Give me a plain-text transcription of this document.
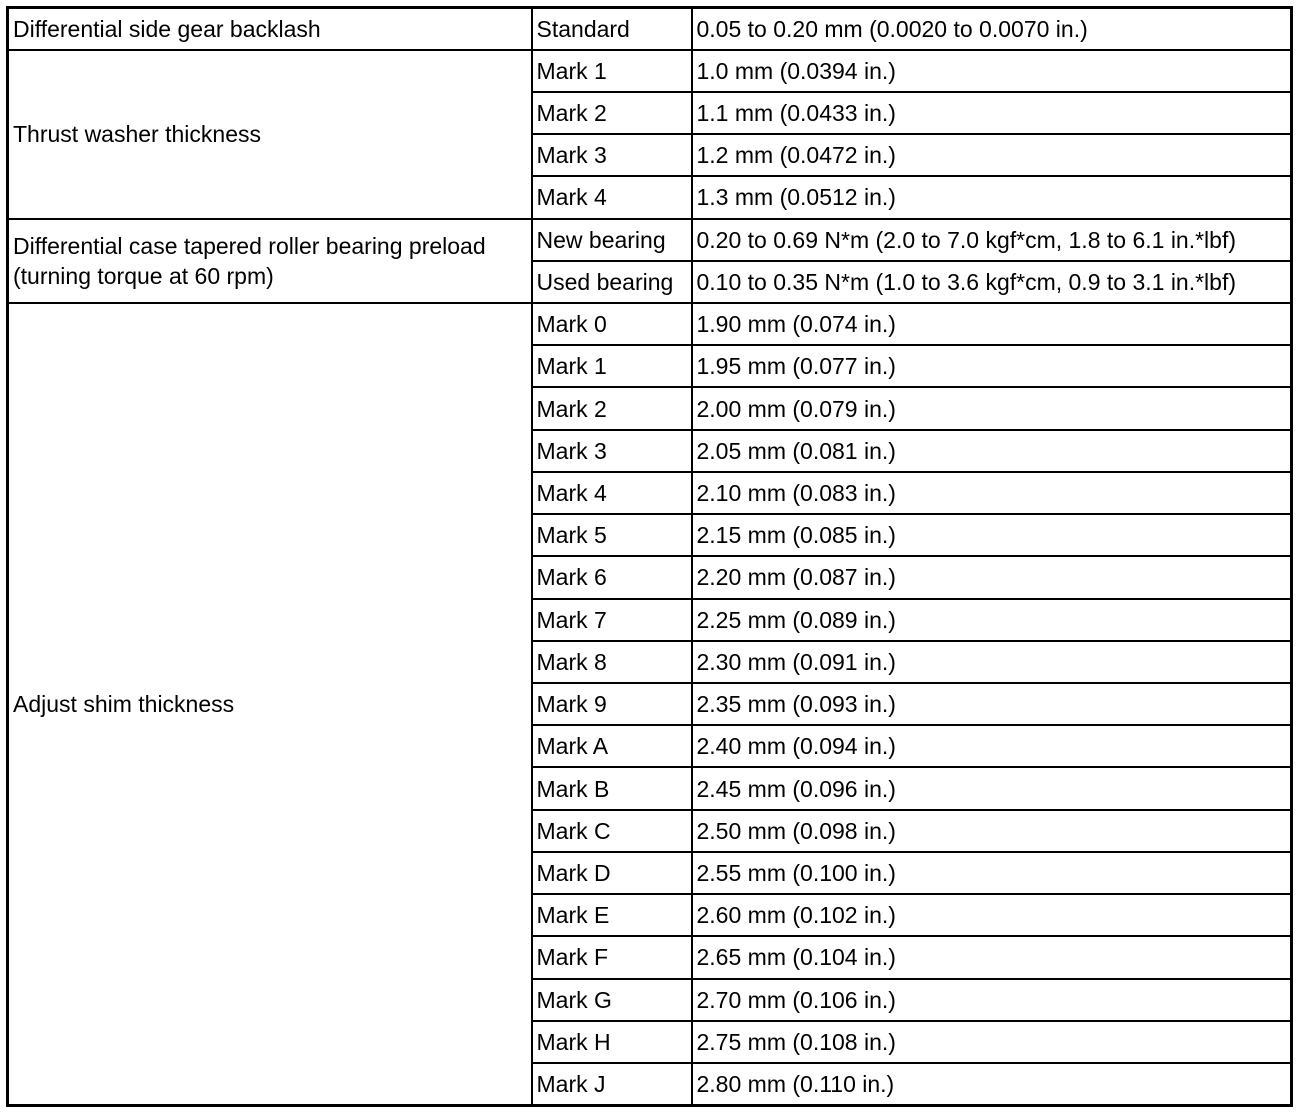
Differential side gear backlash	Standard	0.05 to 0.20 mm (0.0020 to 0.0070 in.)

Thrust washer thickness	Mark 1	1.0 mm (0.0394 in.)
	Mark 2	1.1 mm (0.0433 in.)
	Mark 3	1.2 mm (0.0472 in.)
	Mark 4	1.3 mm (0.0512 in.)

Differential case tapered roller bearing preload
(turning torque at 60 rpm)	New bearing	0.20 to 0.69 N*m (2.0 to 7.0 kgf*cm, 1.8 to 6.1 in.*lbf)
	Used bearing	0.10 to 0.35 N*m (1.0 to 3.6 kgf*cm, 0.9 to 3.1 in.*lbf)

Adjust shim thickness	Mark 0	1.90 mm (0.074 in.)
	Mark 1	1.95 mm (0.077 in.)
	Mark 2	2.00 mm (0.079 in.)
	Mark 3	2.05 mm (0.081 in.)
	Mark 4	2.10 mm (0.083 in.)
	Mark 5	2.15 mm (0.085 in.)
	Mark 6	2.20 mm (0.087 in.)
	Mark 7	2.25 mm (0.089 in.)
	Mark 8	2.30 mm (0.091 in.)
	Mark 9	2.35 mm (0.093 in.)
	Mark A	2.40 mm (0.094 in.)
	Mark B	2.45 mm (0.096 in.)
	Mark C	2.50 mm (0.098 in.)
	Mark D	2.55 mm (0.100 in.)
	Mark E	2.60 mm (0.102 in.)
	Mark F	2.65 mm (0.104 in.)
	Mark G	2.70 mm (0.106 in.)
	Mark H	2.75 mm (0.108 in.)
	Mark J	2.80 mm (0.110 in.)
